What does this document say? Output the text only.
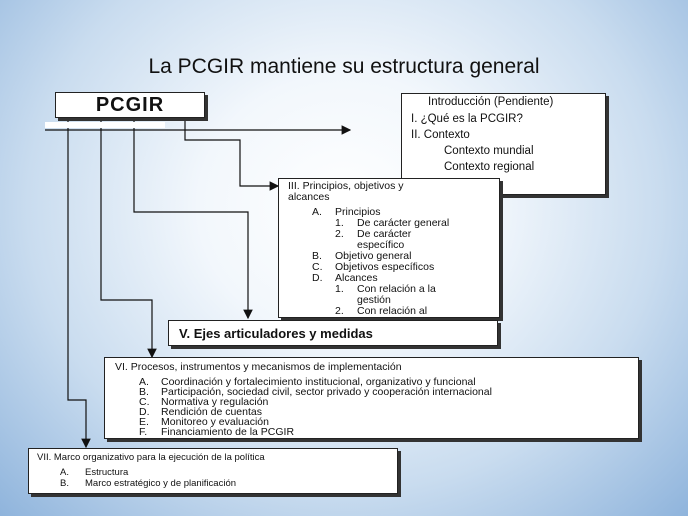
La PCGIR mantiene su estructura general
PCGIR	Introducción (Pendiente)
I. ¿Qué es la PCGIR?
II. Contexto
Contexto mundial
Contexto regional
III. Principios, objetivos y
alcances
A. Principios
1. De carácter general
2. De carácter
específico
B. Objetivo general
C. Objetivos específicos
D. Alcances
1. Con relación a la
gestión
2. Con relación al
V. Ejes articuladores y medidas
VI. Procesos, instrumentos y mecanismos de implementación
A. Coordinación y fortalecimiento institucional, organizativo y funcional
B. Participación, sociedad civil, sector privado y cooperación internacional
C. Normativa y regulación
D. Rendición de cuentas
E. Monitoreo y evaluación
F. Financiamiento de la PCGIR
VII. Marco organizativo para la ejecución de la política
A. Estructura
B. Marco estratégico y de planificación
